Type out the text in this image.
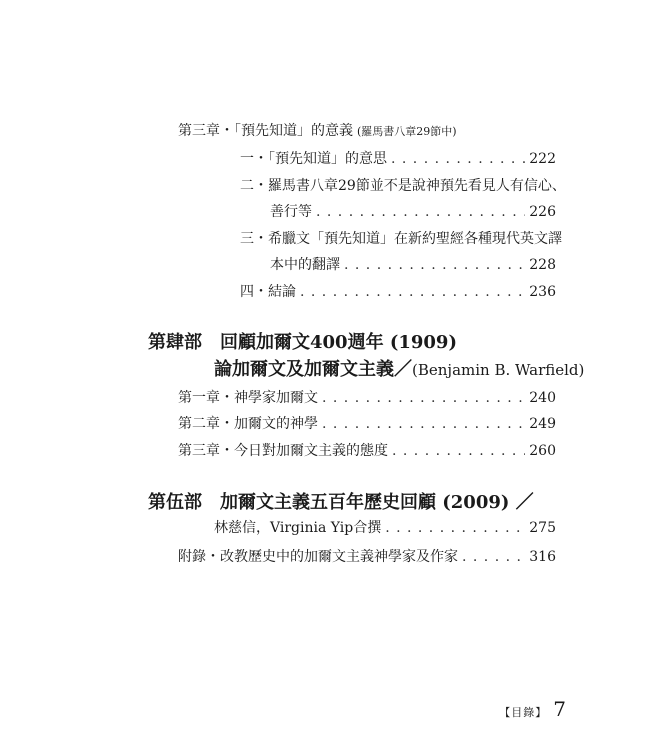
第三章・「預先知道」的意義 (羅馬書八章29節中)
一・「預先知道」的意思 . . .	222
二・羅馬書八章29節並不是說神預先看見人有信心、
善行等 . . .	226
三・希臘文「預先知道」在新約聖經各種現代英文譯
本中的翻譯 . . .	228
四・結論 . . .	236
第肆部　回顧加爾文400週年 (1909)
論加爾文及加爾文主義／(Benjamin B. Warfield)
第一章・神學家加爾文 . . .	240
第二章・加爾文的神學 . . .	249
第三章・今日對加爾文主義的態度 . . .	260
第伍部　加爾文主義五百年歷史回顧 (2009) ／
林慈信，Virginia Yip合撰 . . .	275
附錄・改教歷史中的加爾文主義神學家及作家 . . .	316
【目錄】 7
